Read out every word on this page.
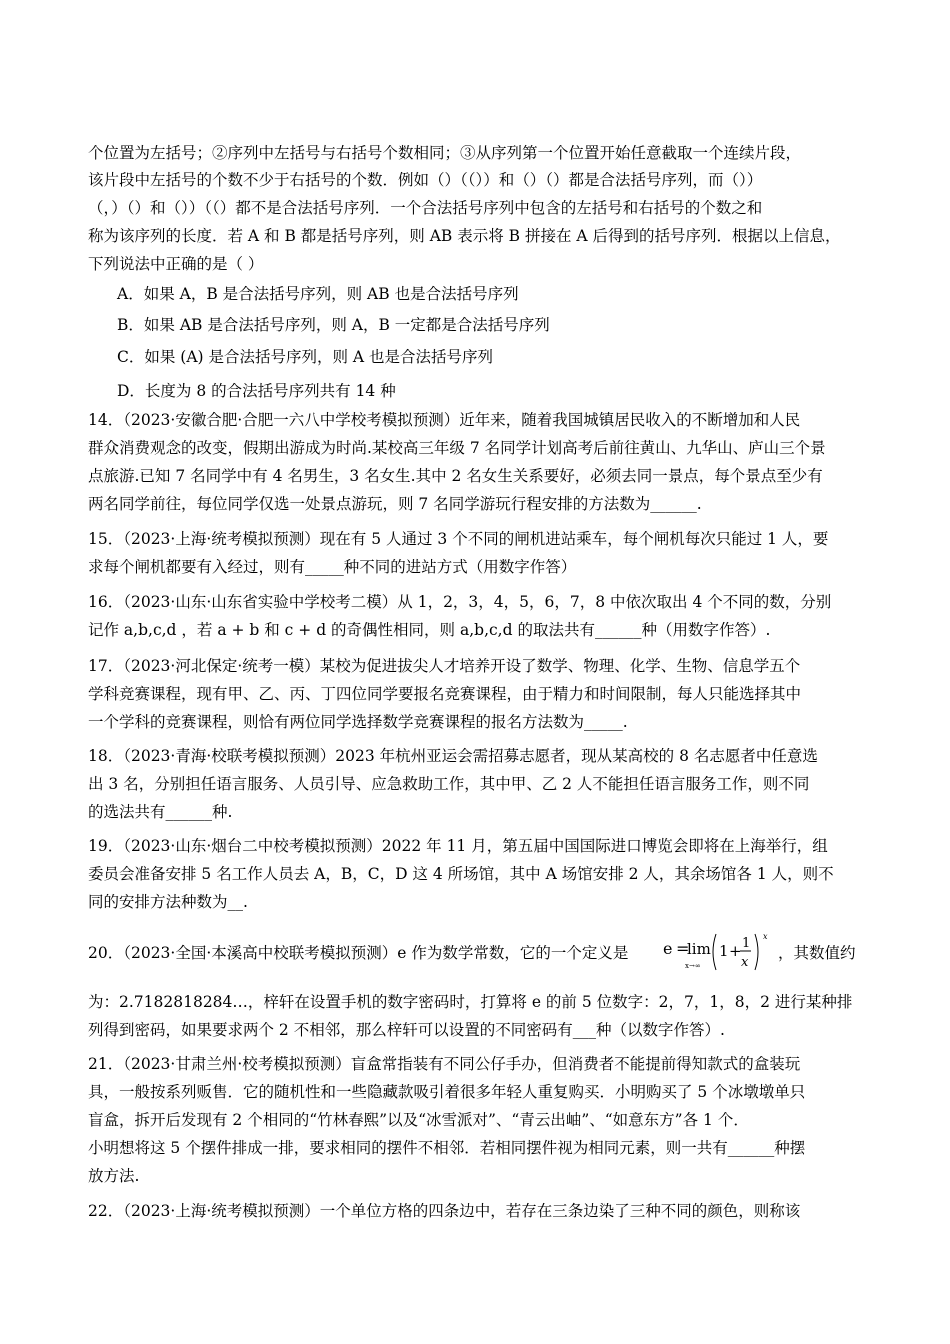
个位置为左括号；②序列中左括号与右括号个数相同；③从序列第一个位置开始任意截取一个连续片段，
该片段中左括号的个数不少于右括号的个数．例如（）（（））和（）（）都是合法括号序列，而（））
（，）（）和（））（（）都不是合法括号序列．一个合法括号序列中包含的左括号和右括号的个数之和
称为该序列的长度．若 A 和 B 都是括号序列，则 AB 表示将 B 拼接在 A 后得到的括号序列．根据以上信息，
下列说法中正确的是（ ）
A．如果 A，B 是合法括号序列，则 AB 也是合法括号序列
B．如果 AB 是合法括号序列，则 A，B 一定都是合法括号序列
C．如果 (A) 是合法括号序列，则 A 也是合法括号序列
D．长度为 8 的合法括号序列共有 14 种
14．（2023·安徽合肥·合肥一六八中学校考模拟预测）近年来，随着我国城镇居民收入的不断增加和人民
群众消费观念的改变，假期出游成为时尚.某校高三年级 7 名同学计划高考后前往黄山、九华山、庐山三个景
点旅游.已知 7 名同学中有 4 名男生，3 名女生.其中 2 名女生关系要好，必须去同一景点，每个景点至少有
两名同学前往，每位同学仅选一处景点游玩，则 7 名同学游玩行程安排的方法数为______.
15．（2023·上海·统考模拟预测）现在有 5 人通过 3 个不同的闸机进站乘车，每个闸机每次只能过 1 人，要
求每个闸机都要有入经过，则有_____种不同的进站方式（用数字作答）
16．（2023·山东·山东省实验中学校考二模）从 1，2，3，4，5，6，7，8 中依次取出 4 个不同的数，分别
记作 a,b,c,d ，若 a + b 和 c + d 的奇偶性相同，则 a,b,c,d 的取法共有______种（用数字作答）.
17．（2023·河北保定·统考一模）某校为促进拔尖人才培养开设了数学、物理、化学、生物、信息学五个
学科竞赛课程，现有甲、乙、丙、丁四位同学要报名竞赛课程，由于精力和时间限制，每人只能选择其中
一个学科的竞赛课程，则恰有两位同学选择数学竞赛课程的报名方法数为_____.
18．（2023·青海·校联考模拟预测）2023 年杭州亚运会需招募志愿者，现从某高校的 8 名志愿者中任意选
出 3 名，分别担任语言服务、人员引导、应急救助工作，其中甲、乙 2 人不能担任语言服务工作，则不同
的选法共有______种.
19．（2023·山东·烟台二中校考模拟预测）2022 年 11 月，第五届中国国际进口博览会即将在上海举行，组
委员会准备安排 5 名工作人员去 A，B，C，D 这 4 所场馆，其中 A 场馆安排 2 人，其余场馆各 1 人，则不
同的安排方法种数为__.
20．（2023·全国·本溪高中校联考模拟预测）e 作为数学常数，它的一个定义是 e =
lim
x→∞
1 + 1
x
x
，其数值约
为：2.7182818284…，梓轩在设置手机的数字密码时，打算将 e 的前 5 位数字：2，7，1，8，2 进行某种排
列得到密码，如果要求两个 2 不相邻，那么梓轩可以设置的不同密码有___种（以数字作答）.
21．（2023·甘肃兰州·校考模拟预测）盲盒常指装有不同公仔手办，但消费者不能提前得知款式的盒装玩
具，一般按系列贩售．它的随机性和一些隐藏款吸引着很多年轻人重复购买．小明购买了 5 个冰墩墩单只
盲盒，拆开后发现有 2 个相同的“竹林春熙”以及“冰雪派对”、“青云出岫”、“如意东方”各 1 个．
小明想将这 5 个摆件排成一排，要求相同的摆件不相邻．若相同摆件视为相同元素，则一共有______种摆
放方法.
22．（2023·上海·统考模拟预测）一个单位方格的四条边中，若存在三条边染了三种不同的颜色，则称该
